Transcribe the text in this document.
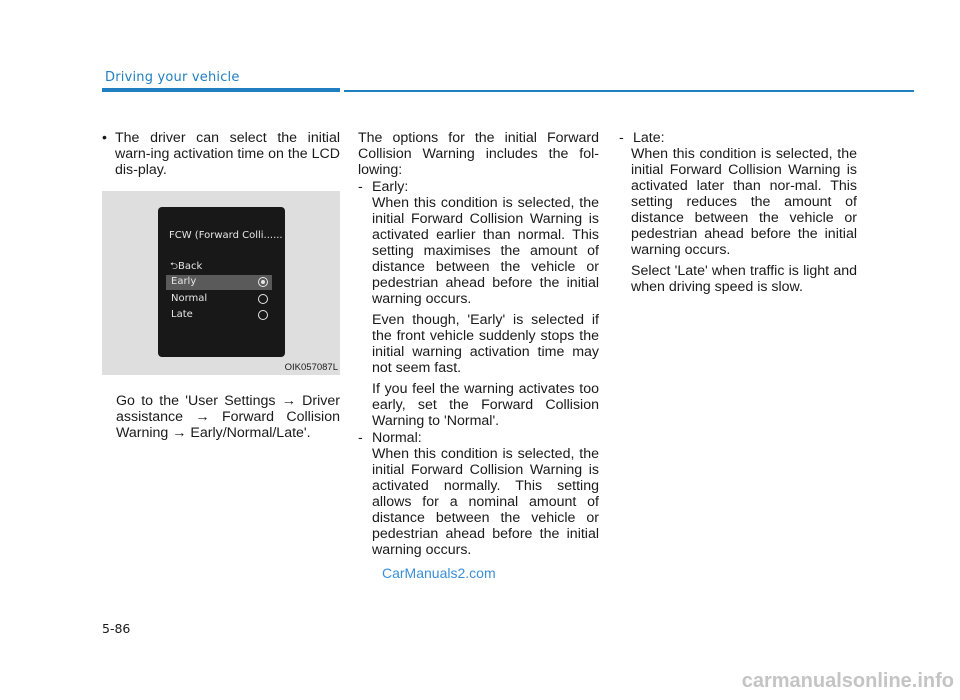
Driving your vehicle
• The driver can select the initial warn-ing activation time on the LCD dis-play.
FCW (Forward Colli......
⮌Back
Early
Normal
Late
OIK057087L

Go to the 'User Settings → Driver assistance → Forward Collision Warning → Early/Normal/Late'.

The options for the initial Forward Collision Warning includes the fol-lowing:

- Early:

When this condition is selected, the initial Forward Collision Warning is activated earlier than normal. This setting maximises the amount of distance between the vehicle or pedestrian ahead before the initial warning occurs.

Even though, 'Early' is selected if the front vehicle suddenly stops the initial warning activation time may not seem fast.

If you feel the warning activates too early, set the Forward Collision Warning to 'Normal'.

- Normal:

When this condition is selected, the initial Forward Collision Warning is activated normally. This setting allows for a nominal amount of distance between the vehicle or pedestrian ahead before the initial warning occurs.

- Late:

When this condition is selected, the initial Forward Collision Warning is activated later than nor-mal. This setting reduces the amount of distance between the vehicle or pedestrian ahead before the initial warning occurs.

Select 'Late' when traffic is light and when driving speed is slow.

CarManuals2.com
5-86
carmanualsonline.info
